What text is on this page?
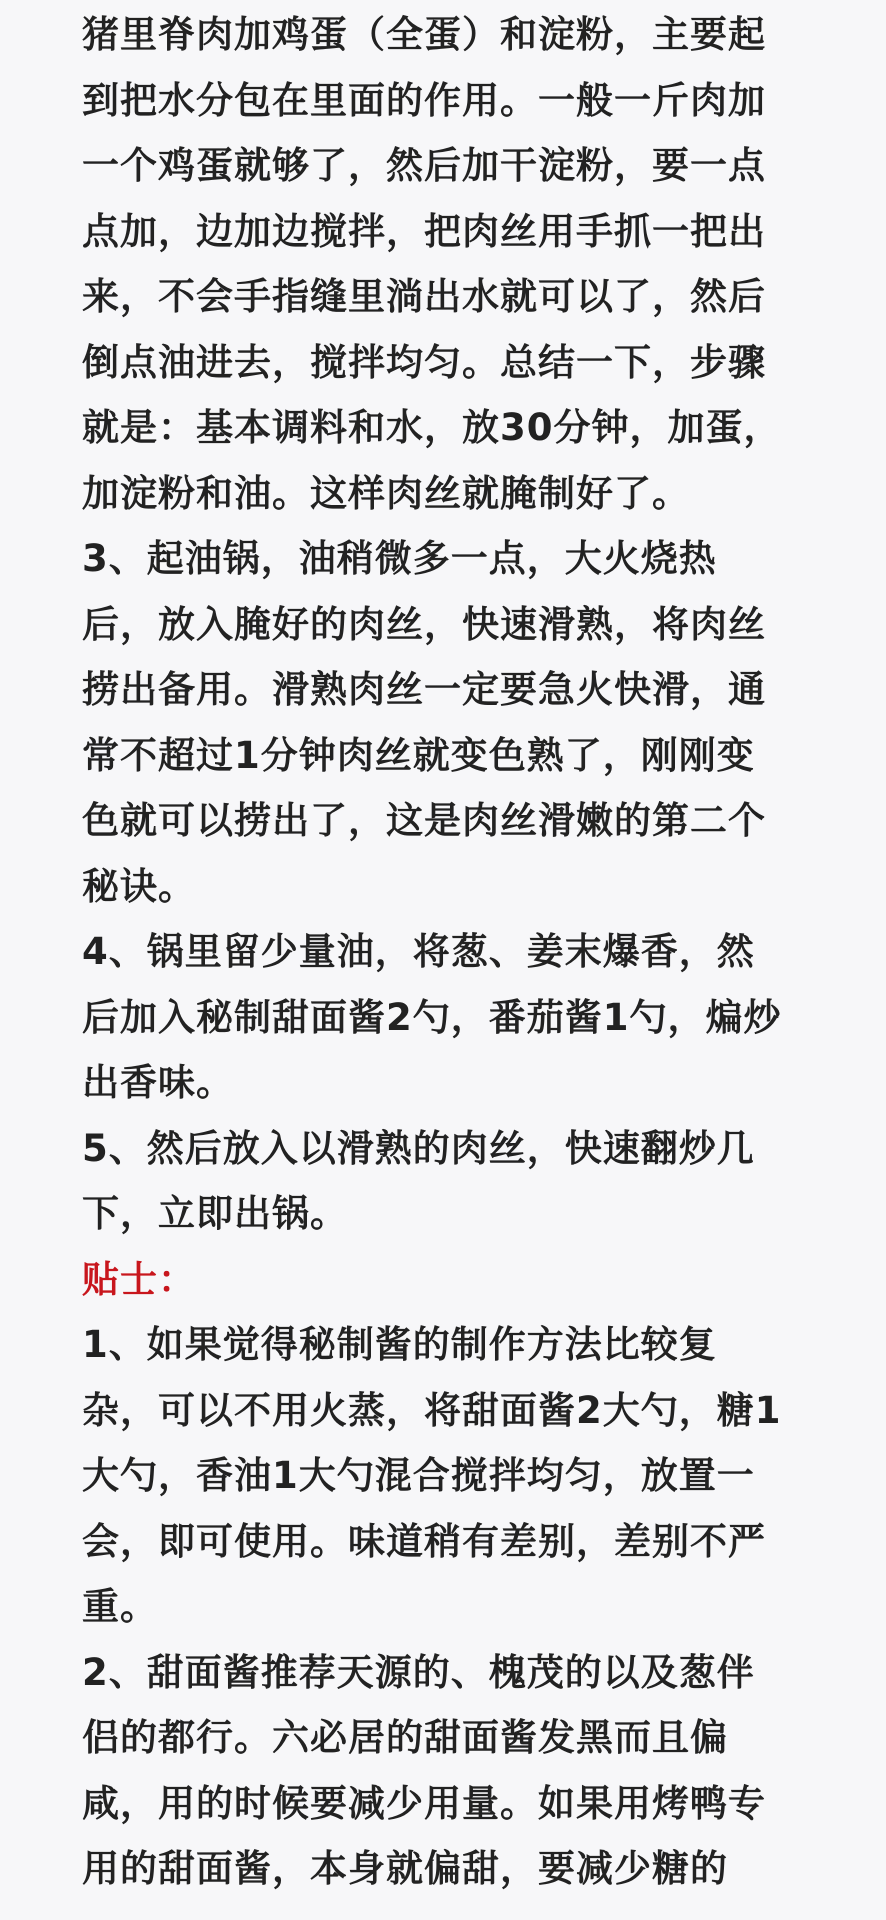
猪里脊肉加鸡蛋（全蛋）和淀粉，主要起
到把水分包在里面的作用。一般一斤肉加
一个鸡蛋就够了，然后加干淀粉，要一点
点加，边加边搅拌，把肉丝用手抓一把出
来，不会手指缝里淌出水就可以了，然后
倒点油进去，搅拌均匀。总结一下，步骤
就是：基本调料和水，放30分钟，加蛋，
加淀粉和油。这样肉丝就腌制好了。

3、起油锅，油稍微多一点，大火烧热
后，放入腌好的肉丝，快速滑熟，将肉丝
捞出备用。滑熟肉丝一定要急火快滑，通
常不超过1分钟肉丝就变色熟了，刚刚变
色就可以捞出了，这是肉丝滑嫩的第二个
秘诀。

4、锅里留少量油，将葱、姜末爆香，然
后加入秘制甜面酱2勺，番茄酱1勺，煸炒
出香味。

5、然后放入以滑熟的肉丝，快速翻炒几
下，立即出锅。

贴士：

1、如果觉得秘制酱的制作方法比较复
杂，可以不用火蒸，将甜面酱2大勺，糖1
大勺，香油1大勺混合搅拌均匀，放置一
会，即可使用。味道稍有差别，差别不严
重。

2、甜面酱推荐天源的、槐茂的以及葱伴
侣的都行。六必居的甜面酱发黑而且偏
咸，用的时候要减少用量。如果用烤鸭专
用的甜面酱，本身就偏甜，要减少糖的
